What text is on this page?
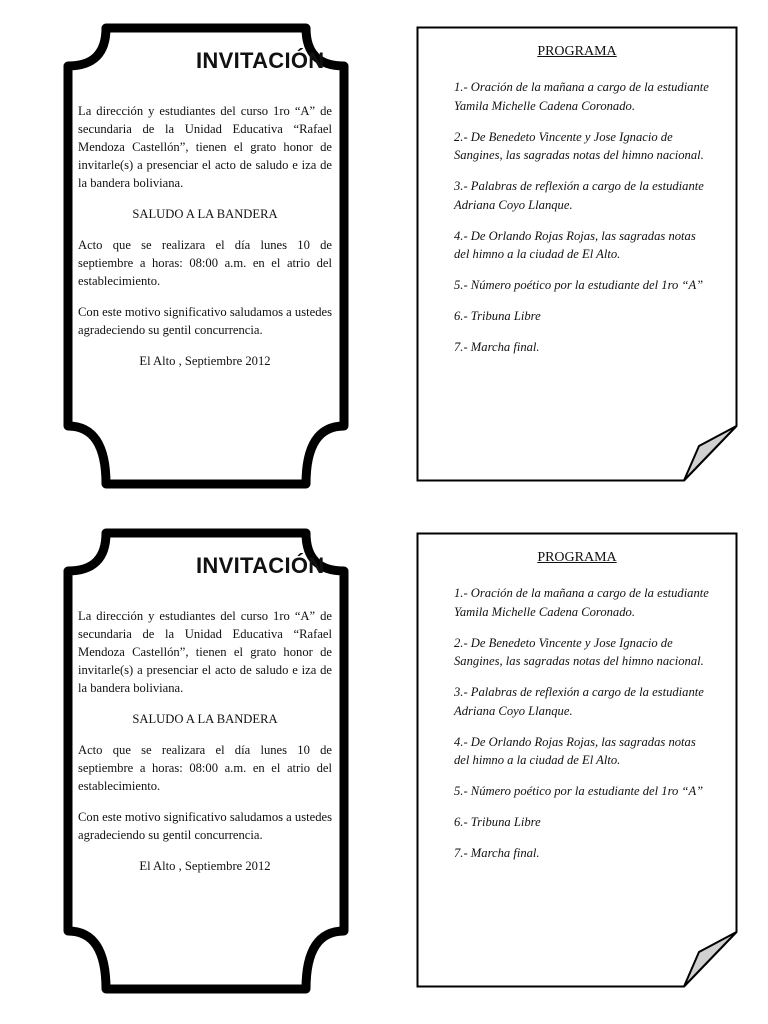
INVITACIÓN

La dirección y estudiantes del curso 1ro “A” de secundaria de la Unidad Educativa “Rafael Mendoza Castellón”, tienen el grato honor de invitarle(s) a presenciar el acto de saludo e iza de la bandera boliviana.

SALUDO A LA BANDERA

Acto que se realizara el día lunes 10 de septiembre a horas: 08:00 a.m. en el atrio del establecimiento.

Con este motivo significativo saludamos a ustedes agradeciendo su gentil concurrencia.

El Alto , Septiembre 2012

PROGRAMA
1.- Oración de la mañana a cargo de la estudiante Yamila Michelle Cadena Coronado.
2.- De Benedeto Vincente y Jose Ignacio de Sangines, las sagradas notas del himno nacional.
3.- Palabras de reflexión a cargo de la estudiante Adriana Coyo Llanque.
4.- De Orlando Rojas Rojas, las sagradas notas del himno a la ciudad de El Alto.
5.- Número poético por la estudiante del 1ro “A”
6.- Tribuna Libre
7.- Marcha final.
INVITACIÓN

La dirección y estudiantes del curso 1ro “A” de secundaria de la Unidad Educativa “Rafael Mendoza Castellón”, tienen el grato honor de invitarle(s) a presenciar el acto de saludo e iza de la bandera boliviana.

SALUDO A LA BANDERA

Acto que se realizara el día lunes 10 de septiembre a horas: 08:00 a.m. en el atrio del establecimiento.

Con este motivo significativo saludamos a ustedes agradeciendo su gentil concurrencia.

El Alto , Septiembre 2012

PROGRAMA
1.- Oración de la mañana a cargo de la estudiante Yamila Michelle Cadena Coronado.
2.- De Benedeto Vincente y Jose Ignacio de Sangines, las sagradas notas del himno nacional.
3.- Palabras de reflexión a cargo de la estudiante Adriana Coyo Llanque.
4.- De Orlando Rojas Rojas, las sagradas notas del himno a la ciudad de El Alto.
5.- Número poético por la estudiante del 1ro “A”
6.- Tribuna Libre
7.- Marcha final.
